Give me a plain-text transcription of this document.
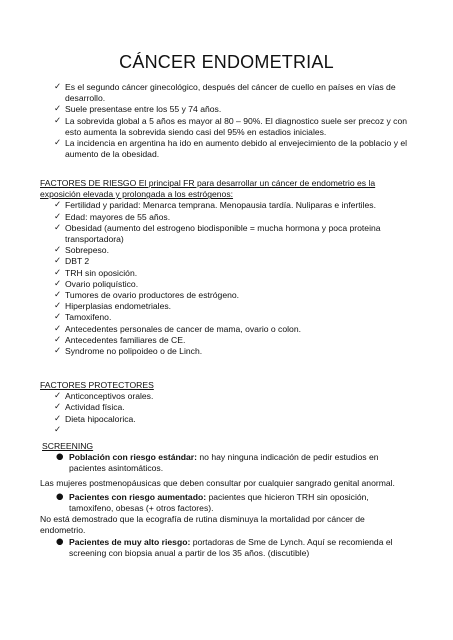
CÁNCER ENDOMETRIAL
✓ Es el segundo cáncer ginecológico, después del cáncer de cuello en países en vías de desarrollo.
✓ Suele presentase entre los 55 y 74 años.
✓ La sobrevida global a 5 años es mayor al 80 – 90%. El diagnostico suele ser precoz y con esto aumenta la sobrevida siendo casi del 95% en estadios iniciales.
✓ La incidencia en argentina ha ido en aumento debido al envejecimiento de la poblacio y el aumento de la obesidad.
FACTORES DE RIESGO El principal FR para desarrollar un cáncer de endometrio es la exposición elevada y prolongada a los estrógenos:
✓ Fertilidad y paridad: Menarca temprana. Menopausia tardía. Nuliparas e infertiles.
✓ Edad: mayores de 55 años.
✓ Obesidad (aumento del estrogeno biodisponible = mucha hormona y poca proteina transportadora)
✓ Sobrepeso.
✓ DBT 2
✓ TRH sin oposición.
✓ Ovario poliquístico.
✓ Tumores de ovario productores de estrógeno.
✓ Hiperplasias endometriales.
✓ Tamoxifeno.
✓ Antecedentes personales de cancer de mama, ovario o colon.
✓ Antecedentes familiares de CE.
✓ Syndrome no polipoideo o de Linch.
FACTORES PROTECTORES
✓ Anticonceptivos orales.
✓ Actividad física.
✓ Dieta hipocalorica.
✓

SCREENING
● Población con riesgo estándar: no hay ninguna indicación de pedir estudios en pacientes asintomáticos.
Las mujeres postmenopáusicas que deben consultar por cualquier sangrado genital anormal.
● Pacientes con riesgo aumentado: pacientes que hicieron TRH sin oposición, tamoxifeno, obesas (+ otros factores).
No está demostrado que la ecografía de rutina disminuya la mortalidad por cáncer de endometrio.
● Pacientes de muy alto riesgo: portadoras de Sme de Lynch. Aquí se recomienda el screening con biopsia anual a partir de los 35 años. (discutible)
